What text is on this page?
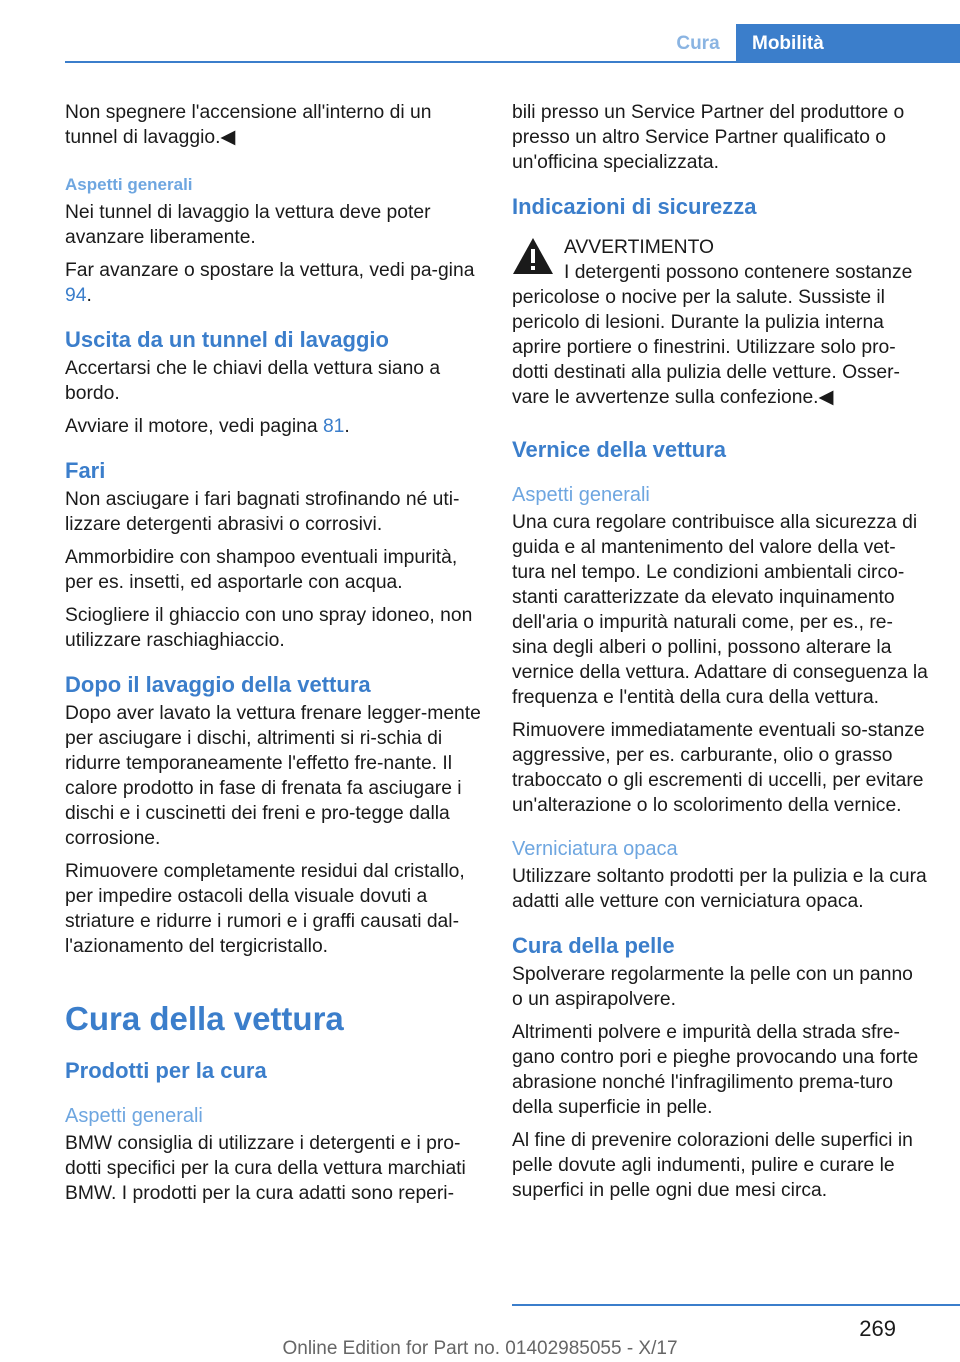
Cura	Mobilità

Non spegnere l'accensione all'interno di un tunnel di lavaggio.◀

Aspetti generali

Nei tunnel di lavaggio la vettura deve poter avanzare liberamente.

Far avanzare o spostare la vettura, vedi pa-gina 94.

Uscita da un tunnel di lavaggio

Accertarsi che le chiavi della vettura siano a bordo.

Avviare il motore, vedi pagina 81.

Fari

Non asciugare i fari bagnati strofinando né uti-lizzare detergenti abrasivi o corrosivi.

Ammorbidire con shampoo eventuali impurità, per es. insetti, ed asportarle con acqua.

Sciogliere il ghiaccio con uno spray idoneo, non utilizzare raschiaghiaccio.

Dopo il lavaggio della vettura

Dopo aver lavato la vettura frenare legger-mente per asciugare i dischi, altrimenti si ri-schia di ridurre temporaneamente l'effetto fre-nante. Il calore prodotto in fase di frenata fa asciugare i dischi e i cuscinetti dei freni e pro-tegge dalla corrosione.

Rimuovere completamente residui dal cristallo, per impedire ostacoli della visuale dovuti a striature e ridurre i rumori e i graffi causati dal-l'azionamento del tergicristallo.

Cura della vettura
Prodotti per la cura
Aspetti generali

BMW consiglia di utilizzare i detergenti e i pro-dotti specifici per la cura della vettura marchiati BMW. I prodotti per la cura adatti sono reperi-

bili presso un Service Partner del produttore o presso un altro Service Partner qualificato o un'officina specializzata.

Indicazioni di sicurezza
AVVERTIMENTO

I detergenti possono contenere sostanze pericolose o nocive per la salute. Sussiste il pericolo di lesioni. Durante la pulizia interna aprire portiere o finestrini. Utilizzare solo pro-dotti destinati alla pulizia delle vetture. Osser-vare le avvertenze sulla confezione.◀

Vernice della vettura
Aspetti generali

Una cura regolare contribuisce alla sicurezza di guida e al mantenimento del valore della vet-tura nel tempo. Le condizioni ambientali circo-stanti caratterizzate da elevato inquinamento dell'aria o impurità naturali come, per es., re-sina degli alberi o pollini, possono alterare la vernice della vettura. Adattare di conseguenza la frequenza e l'entità della cura della vettura.

Rimuovere immediatamente eventuali so-stanze aggressive, per es. carburante, olio o grasso traboccato o gli escrementi di uccelli, per evitare un'alterazione o lo scolorimento della vernice.

Verniciatura opaca

Utilizzare soltanto prodotti per la pulizia e la cura adatti alle vetture con verniciatura opaca.

Cura della pelle

Spolverare regolarmente la pelle con un panno o un aspirapolvere.

Altrimenti polvere e impurità della strada sfre-gano contro pori e pieghe provocando una forte abrasione nonché l'infragilimento prema-turo della superficie in pelle.

Al fine di prevenire colorazioni delle superfici in pelle dovute agli indumenti, pulire e curare le superfici in pelle ogni due mesi circa.

269
Online Edition for Part no. 01402985055 - X/17
